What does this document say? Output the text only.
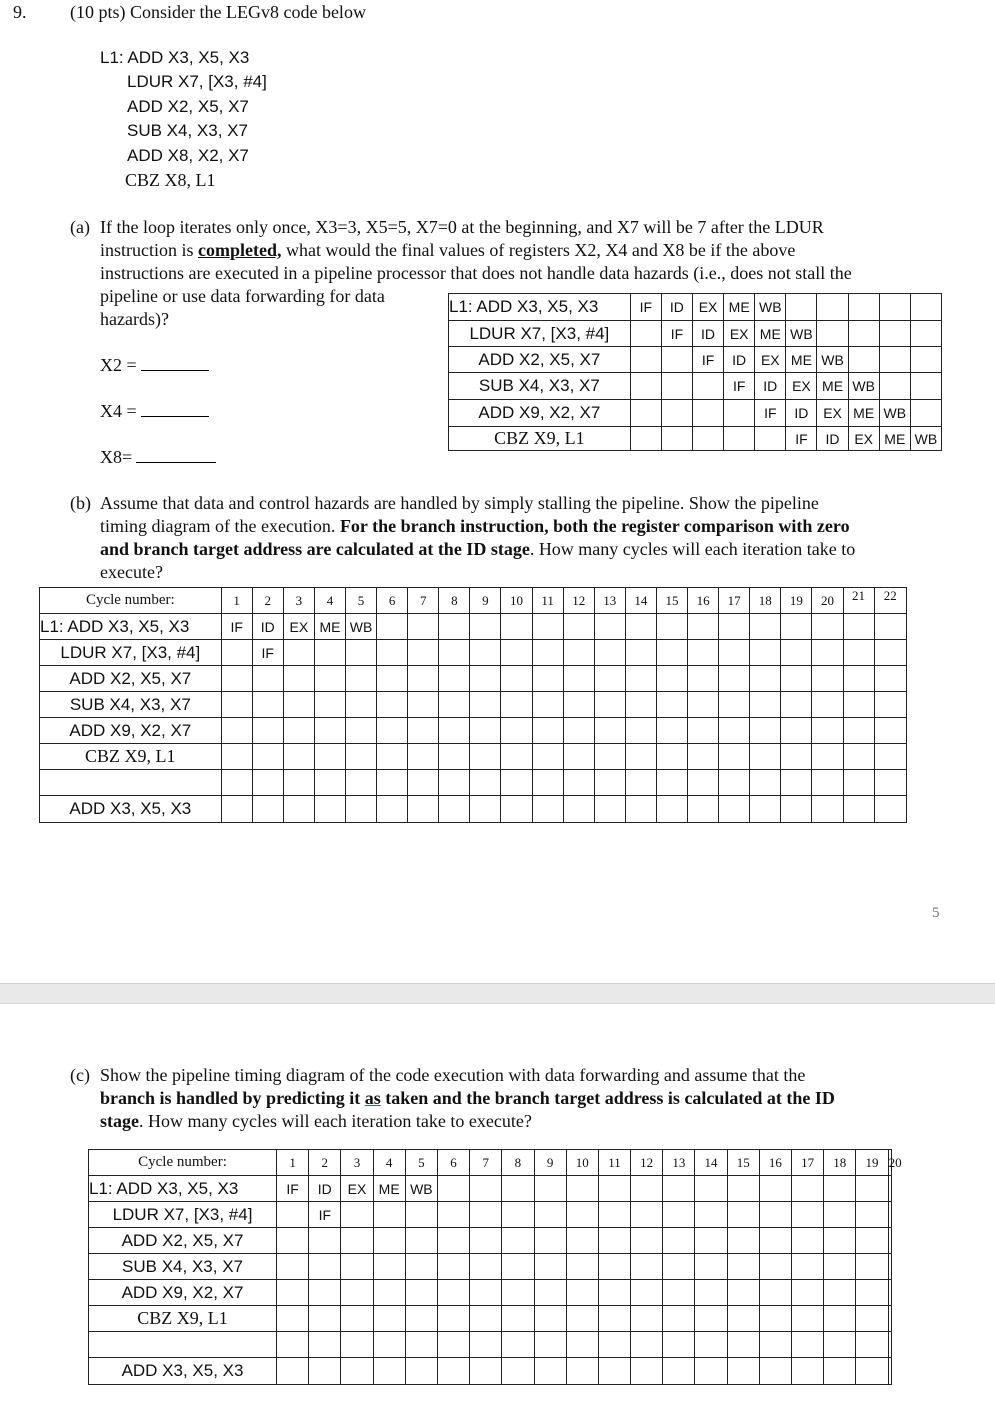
9. (10 pts) Consider the LEGv8 code below
L1: ADD X3, X5, X3
LDUR X7, [X3, #4]
ADD X2, X5, X7
SUB X4, X3, X7
ADD X8, X2, X7
CBZ X8, L1
(a) If the loop iterates only once, X3=3, X5=5, X7=0 at the beginning, and X7 will be 7 after the LDUR
instruction is completed, what would the final values of registers X2, X4 and X8 be if the above
instructions are executed in a pipeline processor that does not handle data hazards (i.e., does not stall the
pipeline or use data forwarding for data
hazards)?
X2 =
X4 =
X8=
L1: ADD X3, X5, X3	IF	ID	EX	ME	WB					
LDUR X7, [X3, #4]		IF	ID	EX	ME	WB				
ADD X2, X5, X7			IF	ID	EX	ME	WB			
SUB X4, X3, X7				IF	ID	EX	ME	WB		
ADD X9, X2, X7					IF	ID	EX	ME	WB	
CBZ X9, L1						IF	ID	EX	ME	WB
(b) Assume that data and control hazards are handled by simply stalling the pipeline. Show the pipeline
timing diagram of the execution. For the branch instruction, both the register comparison with zero
and branch target address are calculated at the ID stage. How many cycles will each iteration take to
execute?
Cycle number:	1	2	3	4	5	6	7	8	9	10	11	12	13	14	15	16	17	18	19	20	21	22
L1: ADD X3, X5, X3	IF	ID	EX	ME	WB																	
LDUR X7, [X3, #4]		IF																				
ADD X2, X5, X7																						
SUB X4, X3, X7																						
ADD X9, X2, X7																						
CBZ X9, L1																						

ADD X3, X5, X3																						
5
(c) Show the pipeline timing diagram of the code execution with data forwarding and assume that the
branch is handled by predicting it as taken and the branch target address is calculated at the ID
stage. How many cycles will each iteration take to execute?
Cycle number:	1	2	3	4	5	6	7	8	9	10	11	12	13	14	15	16	17	18	19	20
L1: ADD X3, X5, X3	IF	ID	EX	ME	WB															
LDUR X7, [X3, #4]		IF																		
ADD X2, X5, X7																				
SUB X4, X3, X7																				
ADD X9, X2, X7																				
CBZ X9, L1																				

ADD X3, X5, X3																				
